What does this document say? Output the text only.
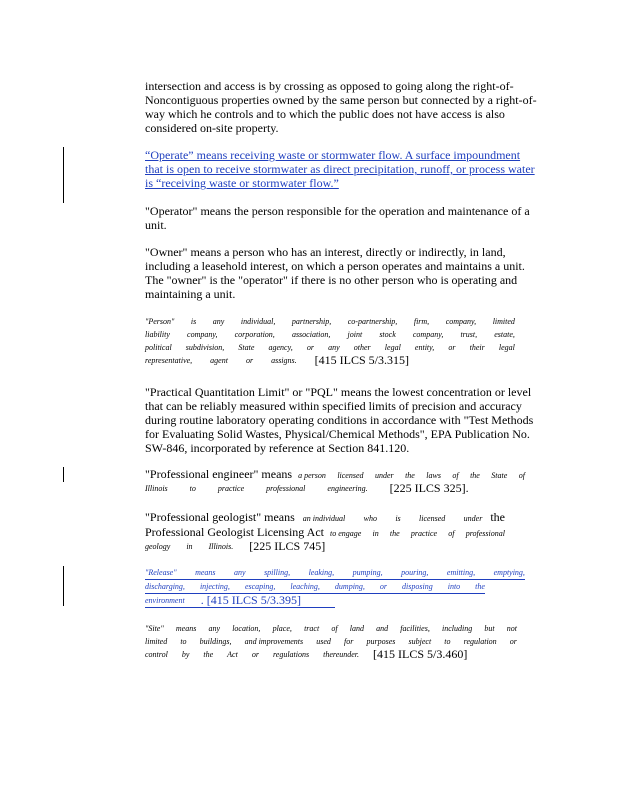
intersection and access is by crossing as opposed to going along the right-of-

Noncontiguous properties owned by the same person but connected by a right-of-

way which he controls and to which the public does not have access is also

considered on-site property.

“Operate” means receiving waste or stormwater flow. A surface impoundment

that is open to receive stormwater as direct precipitation, runoff, or process water

is “receiving waste or stormwater flow.”

"Operator" means the person responsible for the operation and maintenance of a

unit.

"Owner" means a person who has an interest, directly or indirectly, in land,

including a leasehold interest, on which a person operates and maintains a unit.

The "owner" is the "operator" if there is no other person who is operating and

maintaining a unit.

"Person" is any individual, partnership, co-partnership, firm, company, limited
liability company, corporation, association, joint stock company, trust, estate,
political subdivision, State agency, or any other legal entity, or their legal
representative, agent or assigns. [415 ILCS 5/3.315]

"Practical Quantitation Limit" or "PQL" means the lowest concentration or level

that can be reliably measured within specified limits of precision and accuracy

during routine laboratory operating conditions in accordance with "Test Methods

for Evaluating Solid Wastes, Physical/Chemical Methods", EPA Publication No.

SW-846, incorporated by reference at Section 841.120.

"Professional engineer" means a person licensed under the laws of the State of
Illinois	to	practice	professional	engineering. [225 ILCS 325].
"Professional geologist" means an individual who is licensed under the
Professional Geologist Licensing Act to engage in the practice of professional
geology in Illinois. [225 ILCS 745]
"Release" means any spilling, leaking, pumping, pouring, emitting, emptying,
discharging, injecting, escaping, leaching, dumping, or disposing into the
environment . [415 ILCS 5/3.395]
"Site" means any location, place, tract of land and facilities, including but not
limited to buildings, and improvements used for purposes subject to regulation or
control by the Act or regulations thereunder. [415 ILCS 5/3.460]
